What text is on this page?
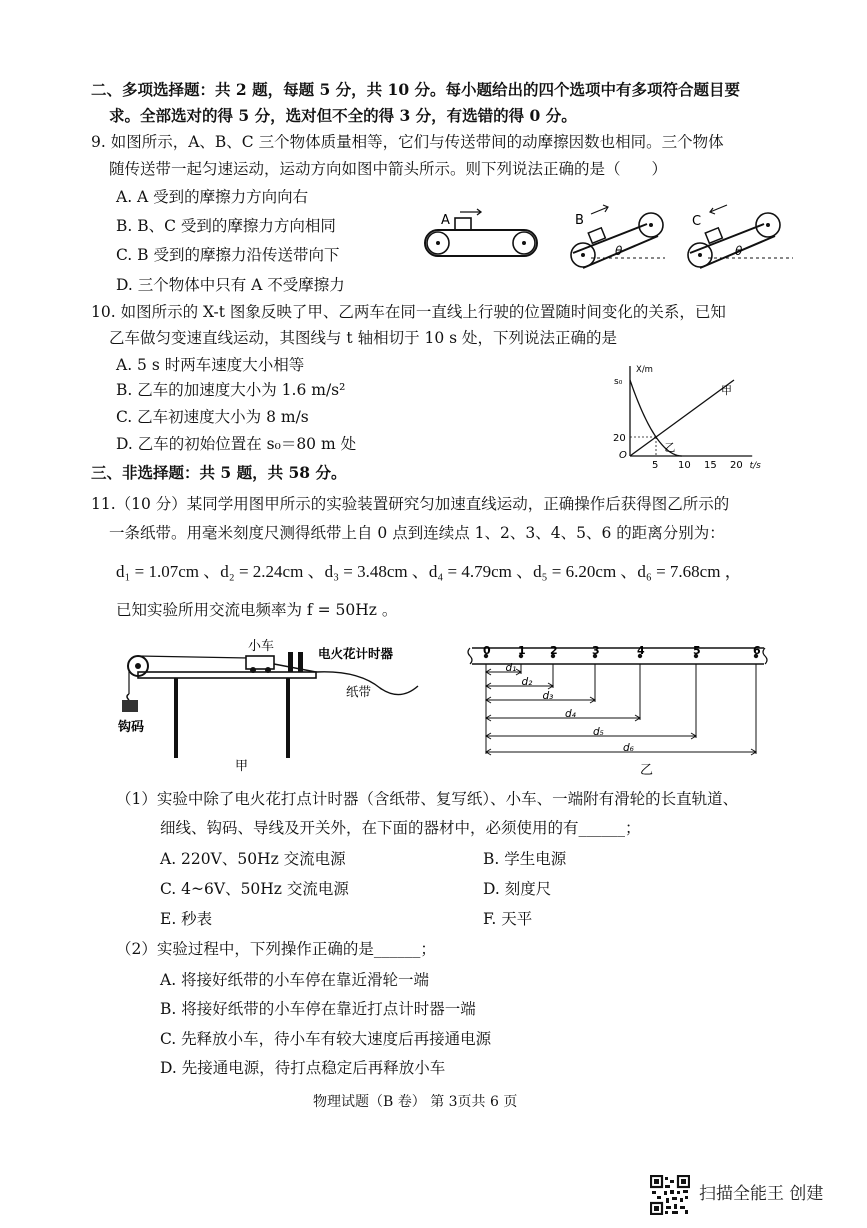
二、多项选择题：共 2 题，每题 5 分，共 10 分。每小题给出的四个选项中有多项符合题目要
求。全部选对的得 5 分，选对但不全的得 3 分，有选错的得 0 分。
9. 如图所示，A、B、C 三个物体质量相等，它们与传送带间的动摩擦因数也相同。三个物体
随传送带一起匀速运动，运动方向如图中箭头所示。则下列说法正确的是（　　）
A. A 受到的摩擦力方向向右
B. B、C 受到的摩擦力方向相同
C. B 受到的摩擦力沿传送带向下
D. 三个物体中只有 A 不受摩擦力
A	B
θ
C
θ
10. 如图所示的 X-t 图象反映了甲、乙两车在同一直线上行驶的位置随时间变化的关系，已知
乙车做匀变速直线运动，其图线与 t 轴相切于 10 s 处，下列说法正确的是
A. 5 s 时两车速度大小相等
B. 乙车的加速度大小为 1.6 m/s²
C. 乙车初速度大小为 8 m/s
D. 乙车的初始位置在 s₀＝80 m 处
5 10 15 20
20
s₀
O
t/s
X/m
甲
乙
三、非选择题：共 5 题，共 58 分。
11.（10 分）某同学用图甲所示的实验装置研究匀加速直线运动，正确操作后获得图乙所示的
一条纸带。用毫米刻度尺测得纸带上自 0 点到连续点 1、2、3、4、5、6 的距离分别为：
d₁ = 1.07cm 、d₂ = 2.24cm 、d₃ = 3.48cm 、d₄ = 4.79cm 、d₅ = 6.20cm 、d₆ = 7.68cm ，
已知实验所用交流电频率为 f = 50Hz 。
小车	电火花计时器
纸带
钩码
甲
0 1 2	3	4	5	6
d₁
d₂
d₃
d₄
d₅
d₆
乙
（1）实验中除了电火花打点计时器（含纸带、复写纸）、小车、一端附有滑轮的长直轨道、
细线、钩码、导线及开关外，在下面的器材中，必须使用的有______；
A. 220V、50Hz 交流电源	B. 学生电源
C. 4~6V、50Hz 交流电源	D. 刻度尺
E. 秒表	F. 天平
（2）实验过程中，下列操作正确的是______；
A. 将接好纸带的小车停在靠近滑轮一端
B. 将接好纸带的小车停在靠近打点计时器一端
C. 先释放小车，待小车有较大速度后再接通电源
D. 先接通电源，待打点稳定后再释放小车
物理试题（B 卷） 第 3页共 6 页
扫描全能王 创建
